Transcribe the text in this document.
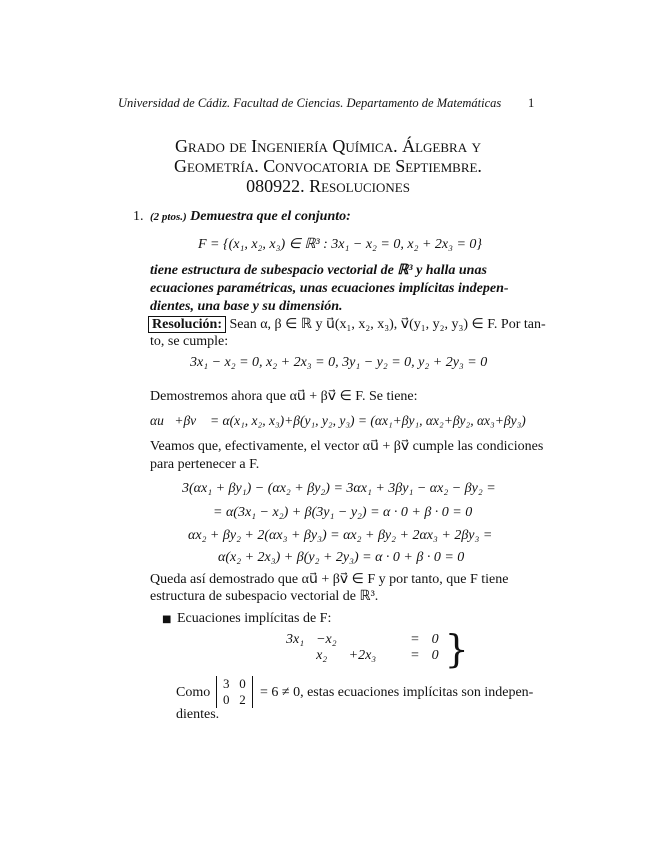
Universidad de Cádiz. Facultad de Ciencias. Departamento de Matemáticas	1
Grado de Ingeniería Química. Álgebra y
Geometría. Convocatoria de Septiembre.
080922. Resoluciones
1. (2 ptos.) Demuestra que el conjunto:
F = {(x₁, x₂, x₃) ∈ ℝ³ : 3x₁ − x₂ = 0, x₂ + 2x₃ = 0}
tiene estructura de subespacio vectorial de ℝ³ y halla unas
ecuaciones paramétricas, unas ecuaciones implícitas indepen-
dientes, una base y su dimensión.
Resolución: Sean α, β ∈ ℝ y u⃗(x₁, x₂, x₃), v⃗(y₁, y₂, y₃) ∈ F. Por tan-
to, se cumple:
3x₁ − x₂ = 0, x₂ + 2x₃ = 0, 3y₁ − y₂ = 0, y₂ + 2y₃ = 0
Demostremos ahora que αu⃗ + βv⃗ ∈ F. Se tiene:
αu⃗+βv⃗ = α(x₁, x₂, x₃)+β(y₁, y₂, y₃) = (αx₁+βy₁, αx₂+βy₂, αx₃+βy₃)
Veamos que, efectivamente, el vector αu⃗ + βv⃗ cumple las condiciones
para pertenecer a F.
3(αx₁ + βy₁) − (αx₂ + βy₂) = 3αx₁ + 3βy₁ − αx₂ − βy₂ =
= α(3x₁ − x₂) + β(3y₁ − y₂) = α · 0 + β · 0 = 0
αx₂ + βy₂ + 2(αx₃ + βy₃) = αx₂ + βy₂ + 2αx₃ + 2βy₃ =
α(x₂ + 2x₃) + β(y₂ + 2y₃) = α · 0 + β · 0 = 0
Queda así demostrado que αu⃗ + βv⃗ ∈ F y por tanto, que F tiene
estructura de subespacio vectorial de ℝ³.
■ Ecuaciones implícitas de F:
3x₁	−x₂		=	0
	x₂	+2x₃	=	0 }
Como
3   0
0   2 = 6 ≠ 0, estas ecuaciones implícitas son indepen-
dientes.
